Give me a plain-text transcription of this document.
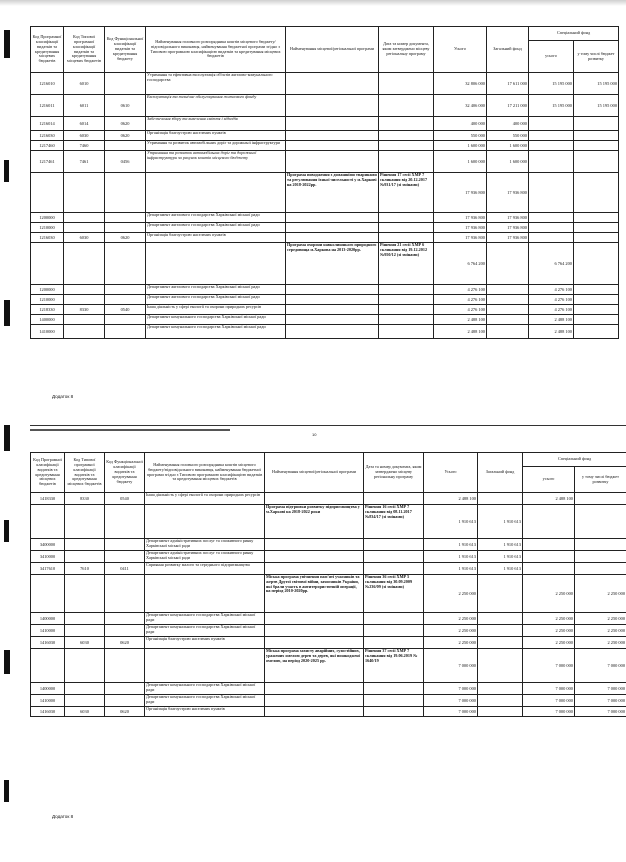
Код Програмної класифікації видатків та кредитування місцевих бюджетів	Код Типової програмної класифікації видатків та кредитування місцевих бюджетів	Код Функціональної класифікації видатків та кредитування бюджету	Найменування головного розпорядника коштів місцевого бюджету/відповідального виконавця, найменування бюджетної програми згідно з Типовою програмною класифікацією видатків та кредитування місцевих бюджетів	Найменування місцевої/регіональної програми	Дата та номер документа, яким затверджено місцеву регіональну програму	Усього	Загальний фонд	Спеціальний фонд	
								усього	у тому числі бюджет розвитку
1216010	6010		Утримання та ефективна експлуатація об'єктів житлово-комунального господарства			32 806 000	17 611 000	15 195 000	15 195 000
1216011	6011	0610	Експлуатація та технічне обслуговування житлового фонду			32 406 000	17 211 000	15 195 000	15 195 000
1216014	6014	0620	Забезпечення збору та вивезення сміття і відходів			400 000	400 000		
1216030	6030	0620	Організація благоустрою населених пунктів			550 000	550 000		
1217460	7460		Утримання та розвиток автомобільних доріг та дорожньої інфраструктури			1 600 000	1 600 000		
1217461	7461	0456	Утримання та розвиток автомобільних доріг та дорожньої інфраструктури за рахунок коштів місцевого бюджету			1 600 000	1 600 000		
				Програма поводження з домашніми тваринами та регулювання їхньої чисельності у м.Харкові на 2018-2022рр.	Рішення 17 сесії ХМР 7 скликання від 20.12.2017 №931/17 (зі змінами)	17 936 800	17 936 800		
1200000			Департамент житлового господарства Харківської міської ради			17 936 800	17 936 800		
1210000			Департамент житлового господарства Харківської міської ради			17 936 800	17 936 800		
1216030	6030	0620	Організація благоустрою населених пунктів			17 936 800	17 936 800		
				Програма охорони навколишнього природного середовища м.Харкова на 2013-2020рр.	Рішення 21 сесії ХМР 6 скликання від 19.12.2012 №950/12 (зі змінами)	6 764 200		6 764 200	
1200000			Департамент житлового господарства Харківської міської ради			4 276 100		4 276 100	
1210000			Департамент житлового господарства Харківської міської ради			4 276 100		4 276 100	
1218330	8330	0540	Інша діяльність у сфері екології та охорони природних ресурсів			4 276 100		4 276 100	
1400000			Департамент комунального господарства Харківської міської ради			2 488 100		2 488 100	
1410000			Департамент комунального господарства Харківської міської ради			2 488 100		2 488 100	
Додаток 8
10
Код Програмної класифікації видатків та кредитування місцевих бюджетів	Код Типової програмної класифікації видатків та кредитування місцевих бюджетів	Код Функціональної класифікації видатків та кредитування бюджету	Найменування головного розпорядника коштів місцевого бюджету/відповідального виконавця, найменування бюджетної програми згідно з Типовою програмною класифікацією видатків та кредитування місцевих бюджетів	Найменування місцевої/регіональної програми	Дата та номер документа, яким затверджено місцеву регіональну програму	Усього	Загальний фонд	Спеціальний фонд	
								усього	у тому числі бюджет розвитку
1418330	8330	0540	Інша діяльність у сфері екології та охорони природних ресурсів			2 488 100		2 488 100	
				Програма підтримки розвитку підприємництва у м.Харкові на 2018-2022 роки	Рішення 16 сесії ХМР 7 скликання від 08.11.2017 №834/17 (зі змінами)	1 910 613	1 910 613		
3400000			Департамент адміністративних послуг та споживчого ринку Харківської міської ради			1 910 613	1 910 613		
3410000			Департамент адміністративних послуг та споживчого ринку Харківської міської ради			1 910 613	1 910 613		
3417610	7610	0411	Сприяння розвитку малого та середнього підприємництва			1 910 613	1 910 613		
				Міська програма увічнення пам'яті учасників та жертв Другої світової війни, захисників України, які брали участь в антитерористичній операції, на період 2010-2020рр.	Рішення 36 сесії ХМР 5 скликання від 30.09.2009 №236/09 (зі змінами)	2 250 000		2 250 000	2 250 000
1400000			Департамент комунального господарства Харківської міської ради			2 250 000		2 250 000	2 250 000
1410000			Департамент комунального господарства Харківської міської ради			2 250 000		2 250 000	2 250 000
1416030	6030	0620	Організація благоустрою населених пунктів			2 250 000		2 250 000	2 250 000
				Міська програма захисту аварійних, сухостійних, уражених омелою дерев та дерев, які пошкоджені омелою, на період 2020-2025 рр.	Рішення 37 сесії ХМР 7 скликання від 19.06.2019 № 1640/19	7 000 000		7 000 000	7 000 000
1400000			Департамент комунального господарства Харківської міської ради			7 000 000		7 000 000	7 000 000
1410000			Департамент комунального господарства Харківської міської ради			7 000 000		7 000 000	7 000 000
1416030	6030	0620	Організація благоустрою населених пунктів			7 000 000		7 000 000	7 000 000
Додаток 8
